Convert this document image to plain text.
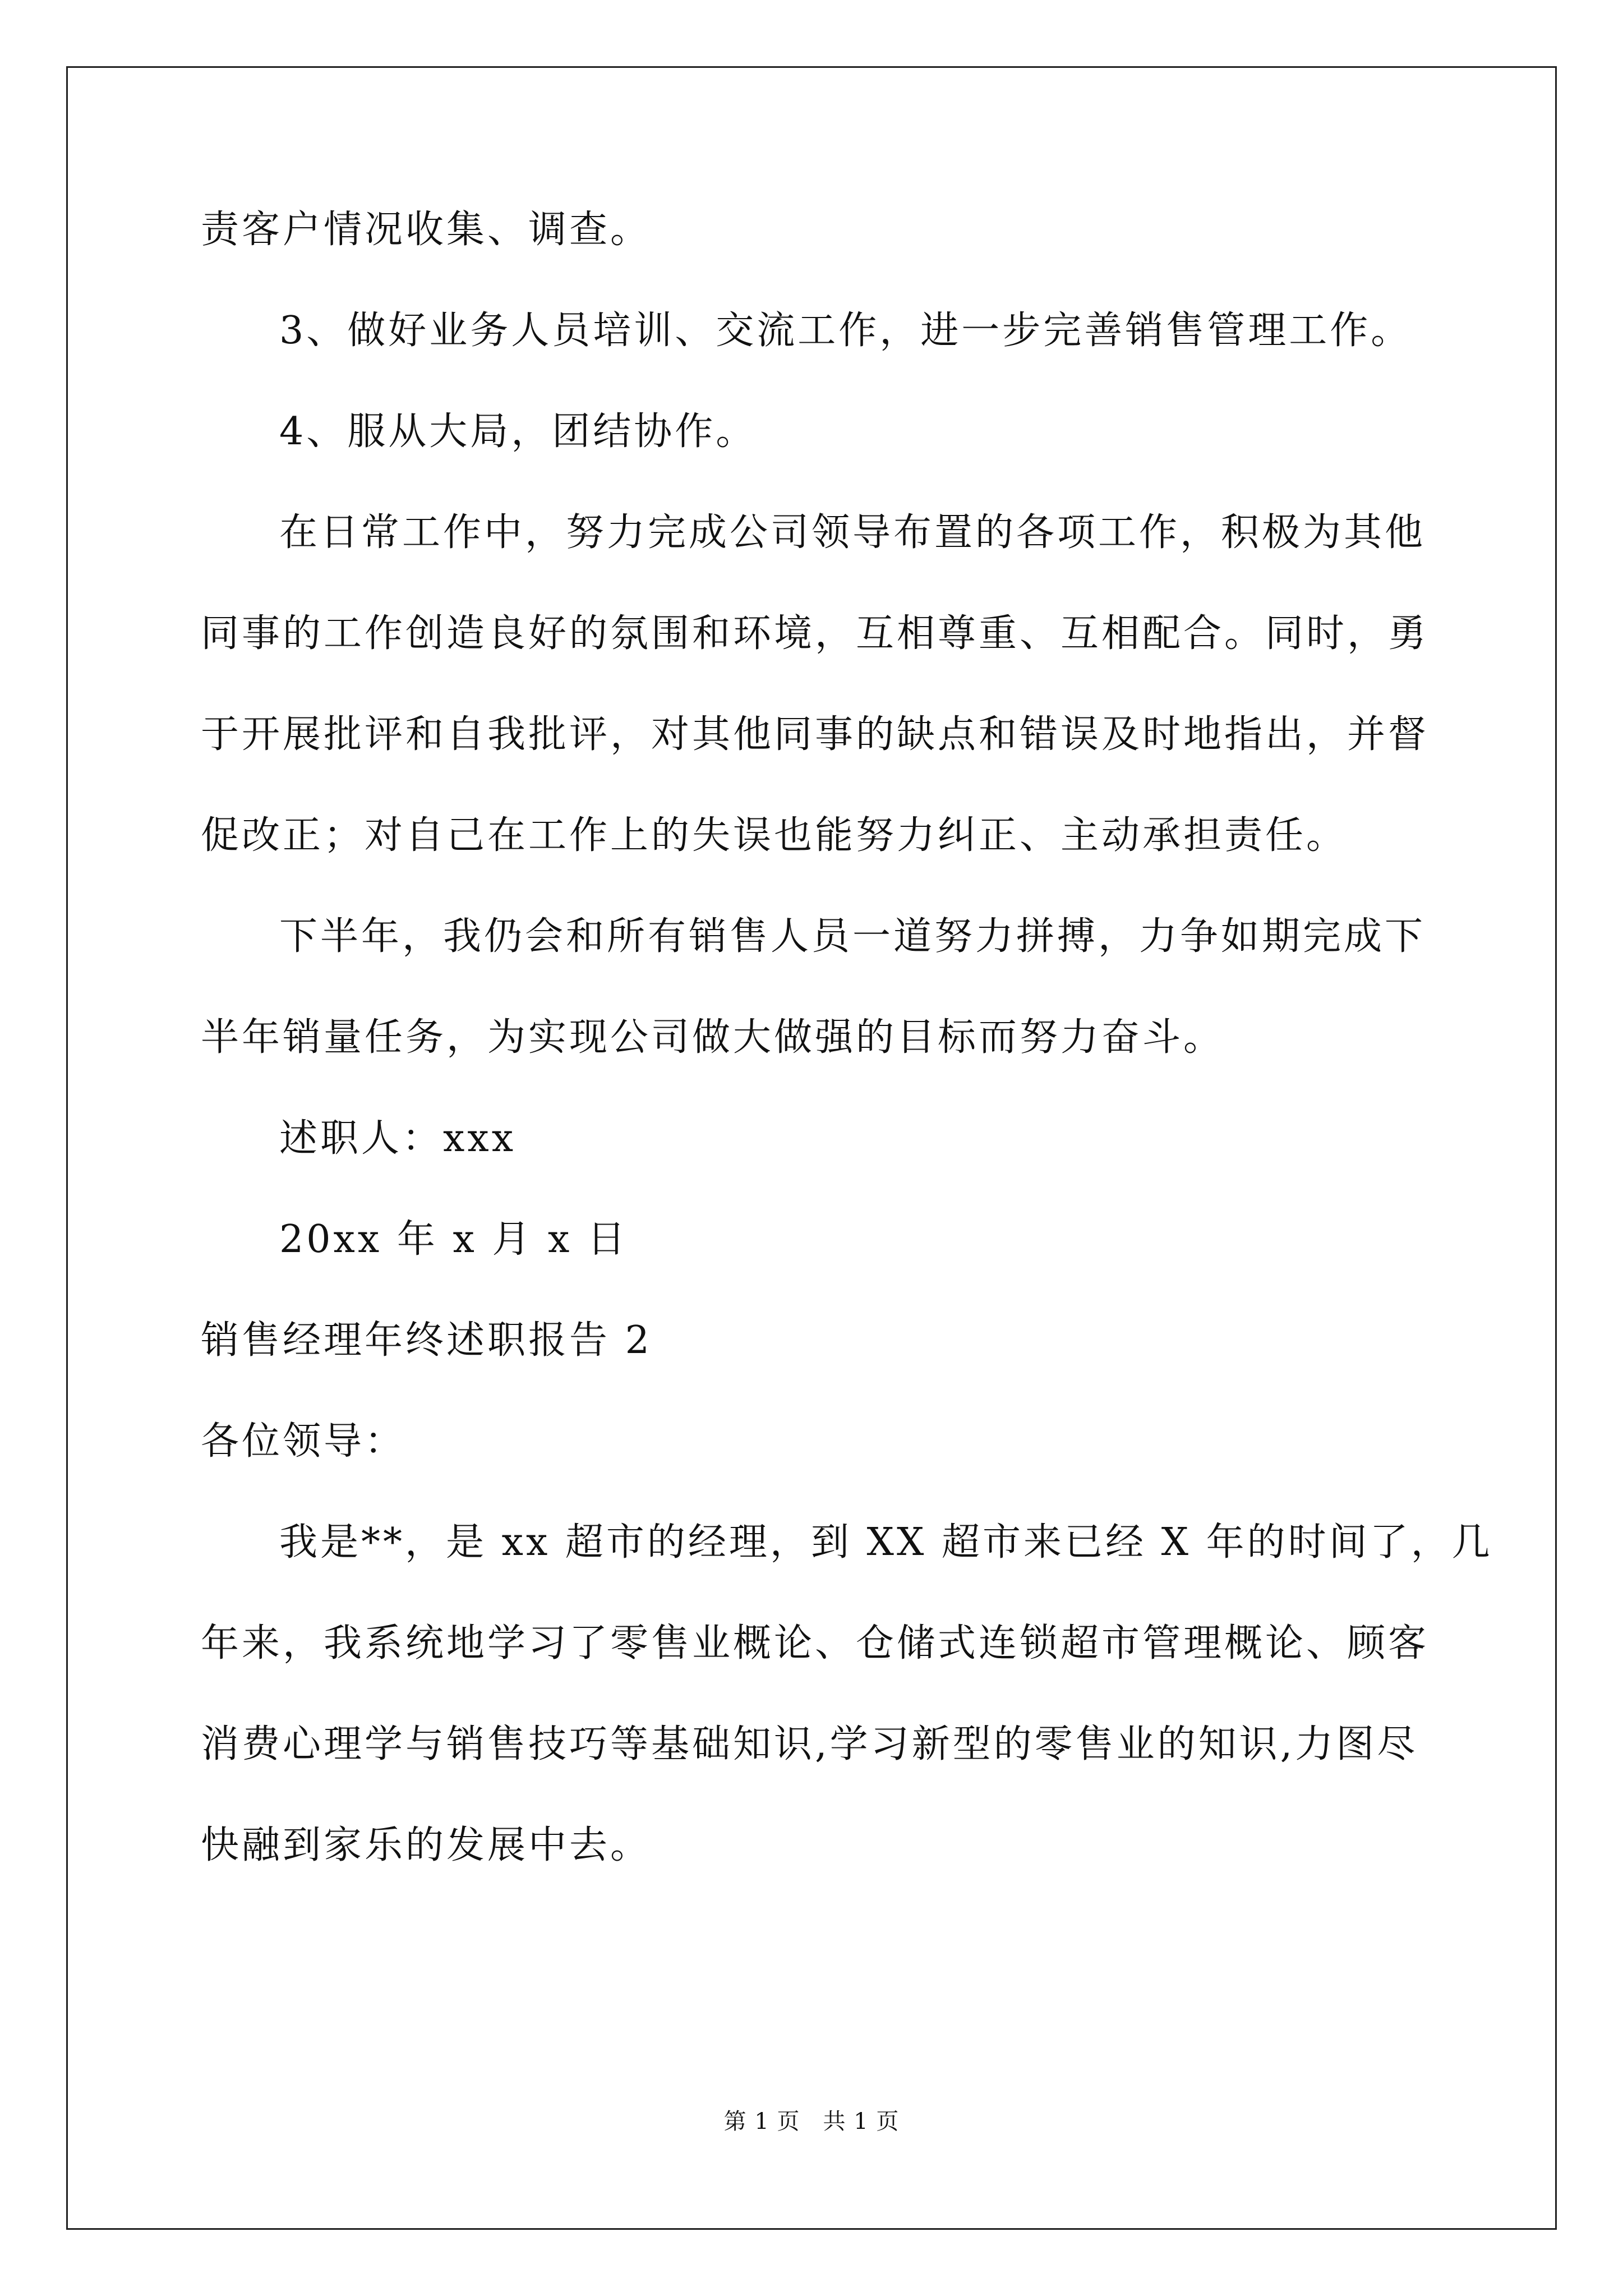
责客户情况收集、调查。
3、做好业务人员培训、交流工作，进一步完善销售管理工作。
4、服从大局，团结协作。
在日常工作中，努力完成公司领导布置的各项工作，积极为其他
同事的工作创造良好的氛围和环境，互相尊重、互相配合。同时，勇
于开展批评和自我批评，对其他同事的缺点和错误及时地指出，并督
促改正；对自己在工作上的失误也能努力纠正、主动承担责任。
下半年，我仍会和所有销售人员一道努力拼搏，力争如期完成下
半年销量任务，为实现公司做大做强的目标而努力奋斗。
述职人：xxx
20xx 年 x 月 x 日
销售经理年终述职报告 2
各位领导：
我是**，是 xx 超市的经理，到 XX 超市来已经 X 年的时间了，几
年来，我系统地学习了零售业概论、仓储式连锁超市管理概论、顾客
消费心理学与销售技巧等基础知识,学习新型的零售业的知识,力图尽
快融到家乐的发展中去。
第 1 页　共 1 页
